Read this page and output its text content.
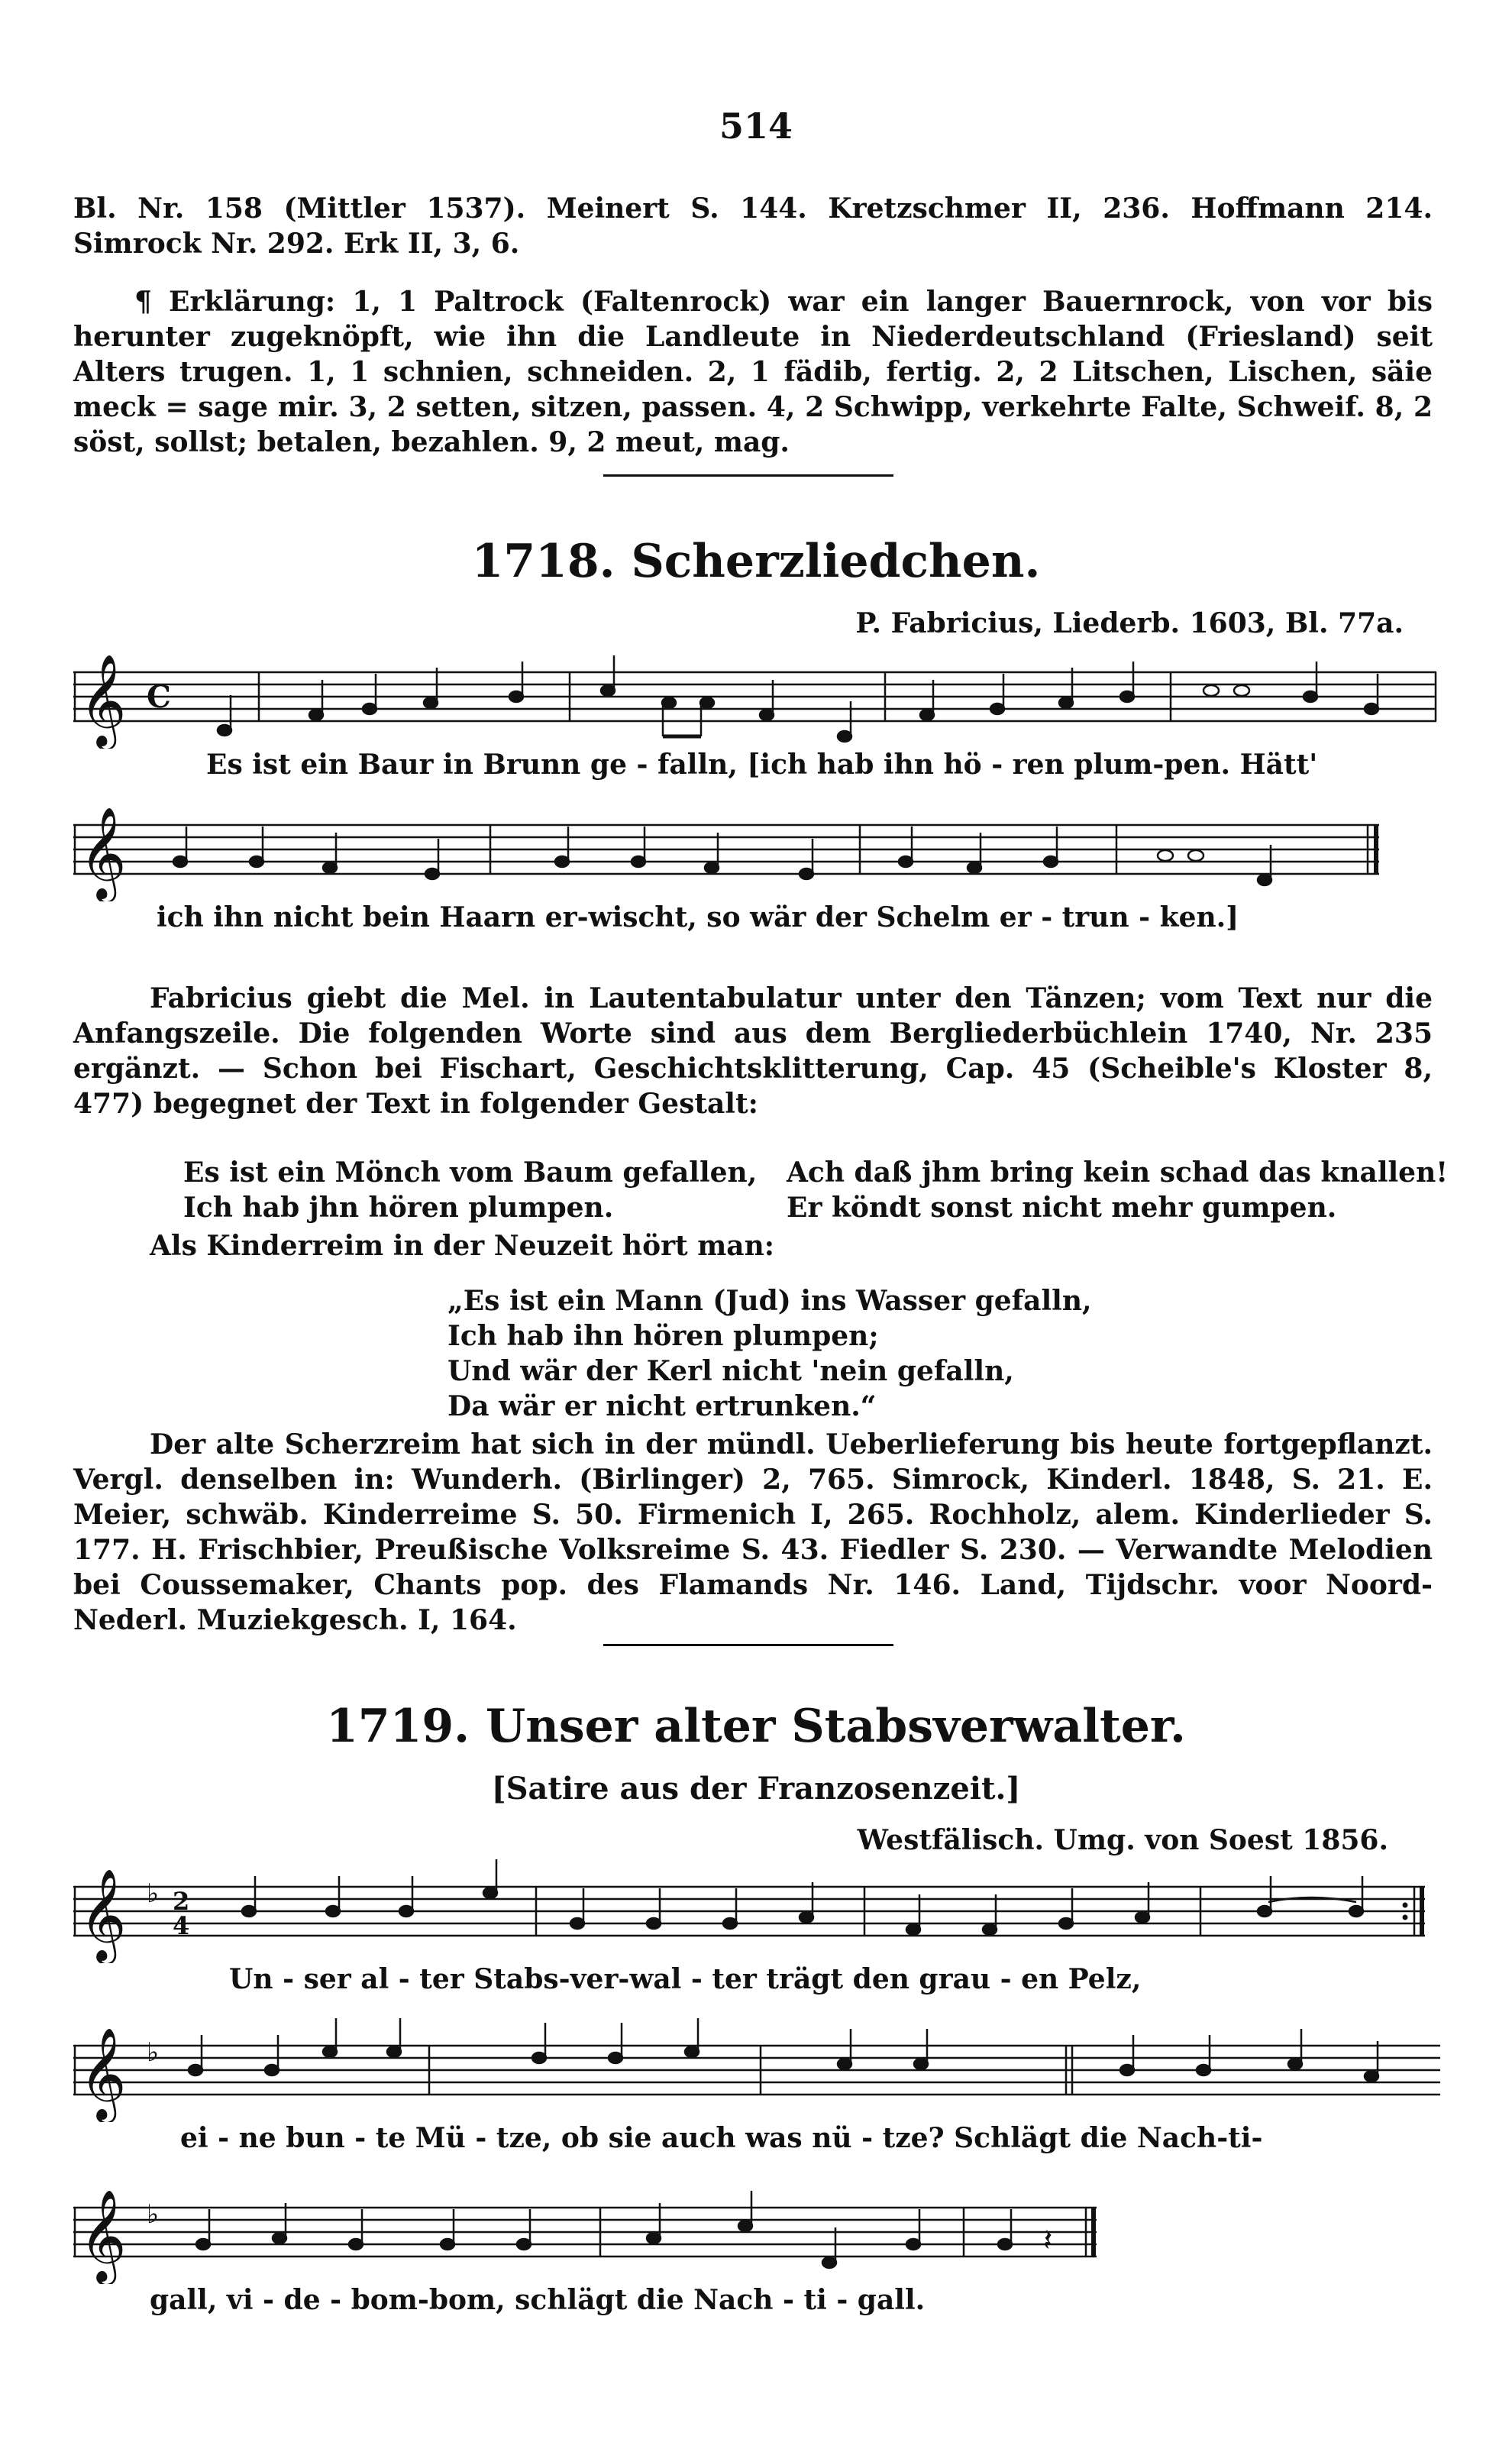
514
Bl. Nr. 158 (Mittler 1537). Meinert S. 144. Kretzschmer II, 236. Hoffmann 214. Simrock Nr. 292. Erk II, 3, 6.
¶ Erklärung: 1, 1 Paltrock (Faltenrock) war ein langer Bauernrock, von vor bis herunter zugeknöpft, wie ihn die Landleute in Niederdeutschland (Friesland) seit Alters trugen. 1, 1 schnien, schneiden. 2, 1 fädib, fertig. 2, 2 Litschen, Lischen, säie meck = sage mir. 3, 2 setten, sitzen, passen. 4, 2 Schwipp, verkehrte Falte, Schweif. 8, 2 söst, sollst; betalen, bezahlen. 9, 2 meut, mag.
1718. Scherzliedchen.
P. Fabricius, Liederb. 1603, Bl. 77a.
𝄞 C
Es ist ein Baur in Brunn ge - falln, [ich hab ihn hö - ren plum-pen. Hätt'
𝄞
ich ihn nicht bein Haarn er-wischt, so wär der Schelm er - trun - ken.]
Fabricius giebt die Mel. in Lautentabulatur unter den Tänzen; vom Text nur die Anfangszeile. Die folgenden Worte sind aus dem Bergliederbüchlein 1740, Nr. 235 ergänzt. — Schon bei Fischart, Geschichtsklitterung, Cap. 45 (Scheible's Kloster 8, 477) begegnet der Text in folgender Gestalt:
Es ist ein Mönch vom Baum gefallen,
Ich hab jhn hören plumpen.
Ach daß jhm bring kein schad das knallen!
Er köndt sonst nicht mehr gumpen.
Als Kinderreim in der Neuzeit hört man:
„Es ist ein Mann (Jud) ins Wasser gefalln,
Ich hab ihn hören plumpen;
Und wär der Kerl nicht 'nein gefalln,
Da wär er nicht ertrunken.“
Der alte Scherzreim hat sich in der mündl. Ueberlieferung bis heute fortgepflanzt. Vergl. denselben in: Wunderh. (Birlinger) 2, 765. Simrock, Kinderl. 1848, S. 21. E. Meier, schwäb. Kinderreime S. 50. Firmenich I, 265. Rochholz, alem. Kinderlieder S. 177. H. Frischbier, Preußische Volksreime S. 43. Fiedler S. 230. — Verwandte Melodien bei Coussemaker, Chants pop. des Flamands Nr. 146. Land, Tijdschr. voor Noord-Nederl. Muziekgesch. I, 164.
1719. Unser alter Stabsverwalter.
[Satire aus der Franzosenzeit.]
Westfälisch. Umg. von Soest 1856.
𝄞 ♭ 2
4
Un - ser al - ter Stabs-ver-wal - ter trägt den grau - en Pelz,
𝄞 ♭
ei - ne bun - te Mü - tze, ob sie auch was nü - tze? Schlägt die Nach-ti-
𝄞 ♭
𝄽
gall, vi - de - bom-bom, schlägt die Nach - ti - gall.
